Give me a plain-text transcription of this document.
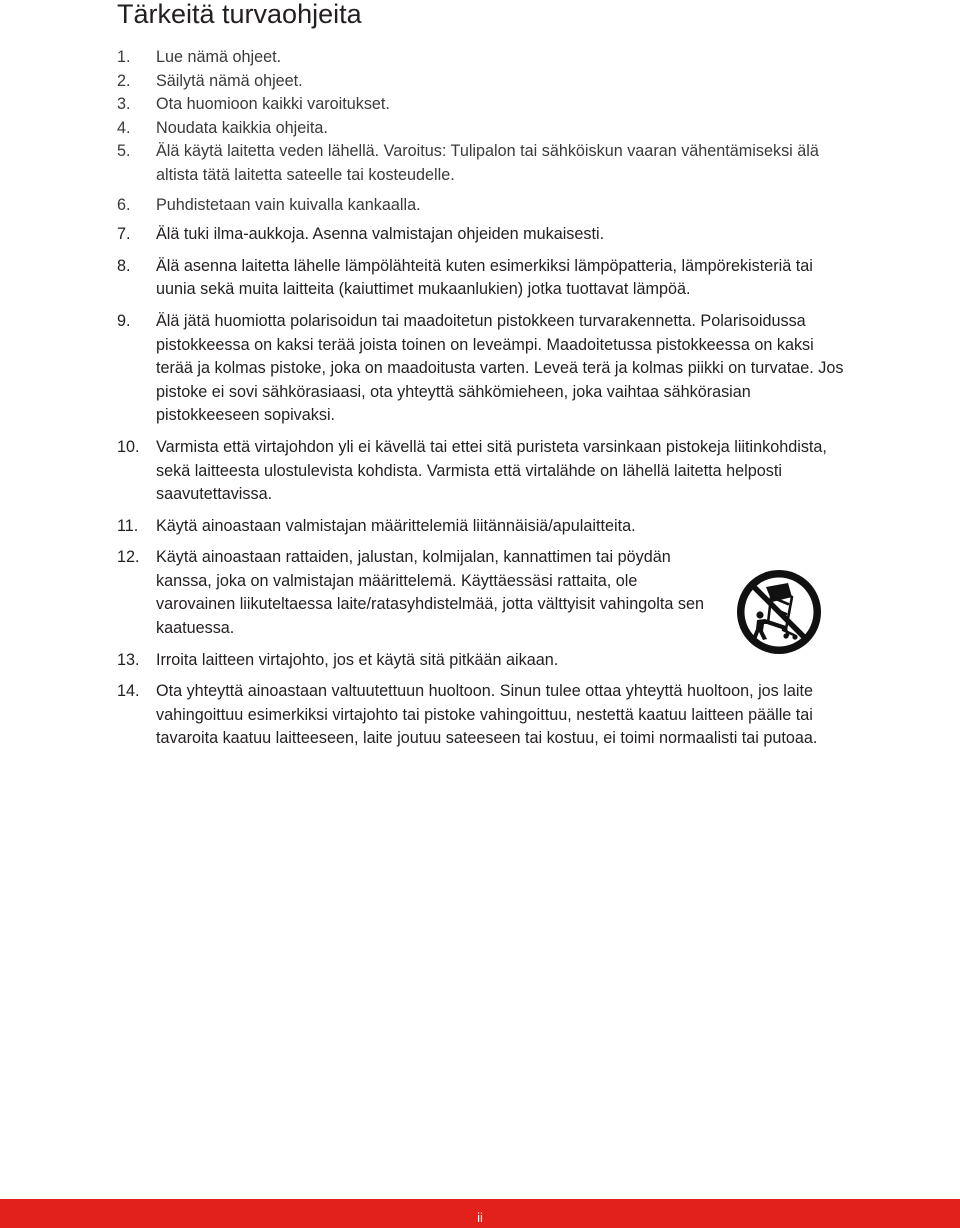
Tärkeitä turvaohjeita
1. Lue nämä ohjeet.
2. Säilytä nämä ohjeet.
3. Ota huomioon kaikki varoitukset.
4. Noudata kaikkia ohjeita.
5. Älä käytä laitetta veden lähellä. Varoitus: Tulipalon tai sähköiskun vaaran vähentämiseksi älä altista tätä laitetta sateelle tai kosteudelle.
6. Puhdistetaan vain kuivalla kankaalla.
7. Älä tuki ilma-aukkoja. Asenna valmistajan ohjeiden mukaisesti.
8. Älä asenna laitetta lähelle lämpölähteitä kuten esimerkiksi lämpöpatteria, lämpörekisteriä tai uunia sekä muita laitteita (kaiuttimet mukaanlukien) jotka tuottavat lämpöä.
9. Älä jätä huomiotta polarisoidun tai maadoitetun pistokkeen turvarakennetta. Polarisoidussa pistokkeessa on kaksi terää joista toinen on leveämpi. Maadoitetussa pistokkeessa on kaksi terää ja kolmas pistoke, joka on maadoitusta varten. Leveä terä ja kolmas piikki on turvatae. Jos pistoke ei sovi sähkörasiaasi, ota yhteyttä sähkömieheen, joka vaihtaa sähkörasian pistokkeeseen sopivaksi.
10. Varmista että virtajohdon yli ei kävellä tai ettei sitä puristeta varsinkaan pistokeja liitinkohdista, sekä laitteesta ulostulevista kohdista. Varmista että virtalähde on lähellä laitetta helposti saavutettavissa.
11. Käytä ainoastaan valmistajan määrittelemiä liitännäisiä/apulaitteita.
12. Käytä ainoastaan rattaiden, jalustan, kolmijalan, kannattimen tai pöydän kanssa, joka on valmistajan määrittelemä. Käyttäessäsi rattaita, ole varovainen liikuteltaessa laite/ratasyhdistelmää, jotta välttyisit vahingolta sen kaatuessa.
13. Irroita laitteen virtajohto, jos et käytä sitä pitkään aikaan.
14. Ota yhteyttä ainoastaan valtuutettuun huoltoon. Sinun tulee ottaa yhteyttä huoltoon, jos laite vahingoittuu esimerkiksi virtajohto tai pistoke vahingoittuu, nestettä kaatuu laitteen päälle tai tavaroita kaatuu laitteeseen, laite joutuu sateeseen tai kostuu, ei toimi normaalisti tai putoaa.
ii
